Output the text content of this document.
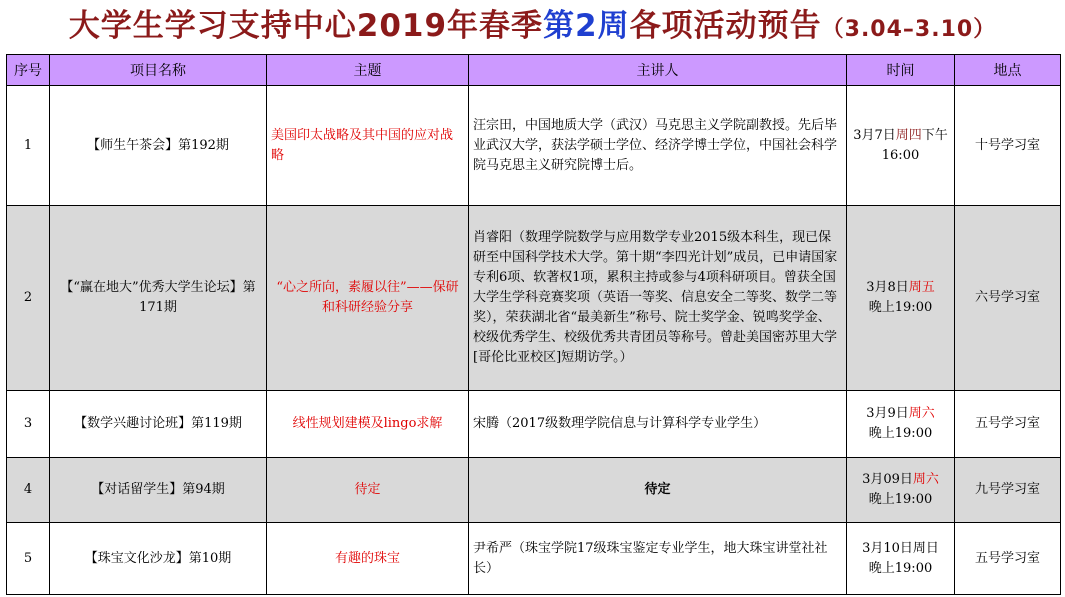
大学生学习支持中心2019年春季第2周各项活动预告（3.04–3.10）
序号	项目名称	主题	主讲人	时间	地点
1	【师生午茶会】第192期	美国印太战略及其中国的应对战略	汪宗田，中国地质大学（武汉）马克思主义学院副教授。先后毕业武汉大学，获法学硕士学位、经济学博士学位，中国社会科学院马克思主义研究院博士后。	3月7日周四下午16:00	十号学习室
2	【“赢在地大”优秀大学生论坛】第171期	“心之所向，素履以往”——保研和科研经验分享	肖睿阳（数理学院数学与应用数学专业2015级本科生，现已保研至中国科学技术大学。第十期“李四光计划”成员，已申请国家专利6项、软著权1项，累积主持或参与4项科研项目。曾获全国大学生学科竞赛奖项（英语一等奖、信息安全二等奖、数学二等奖），荣获湖北省“最美新生”称号、院士奖学金、锐鸣奖学金、校级优秀学生、校级优秀共青团员等称号。曾赴美国密苏里大学[哥伦比亚校区]短期访学。）	3月8日周五
晚上19:00	六号学习室
3	【数学兴趣讨论班】第119期	线性规划建模及lingo求解	宋腾（2017级数理学院信息与计算科学专业学生）	3月9日周六
晚上19:00	五号学习室
4	【对话留学生】第94期	待定	待定	3月09日周六
晚上19:00	九号学习室
5	【珠宝文化沙龙】第10期	有趣的珠宝	尹希严（珠宝学院17级珠宝鉴定专业学生，地大珠宝讲堂社社长）	3月10日周日
晚上19:00	五号学习室
